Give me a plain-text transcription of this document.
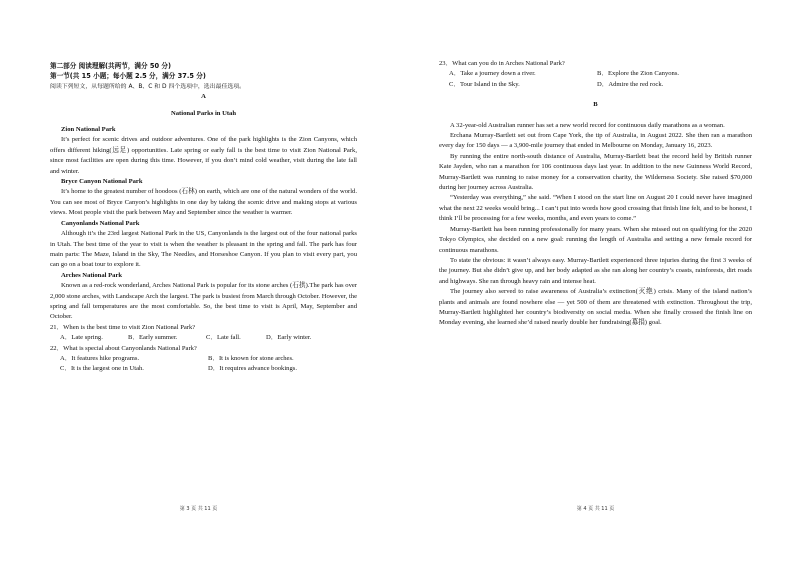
第二部分 阅读理解(共两节，满分 50 分)

第一节(共 15 小题；每小题 2.5 分，满分 37.5 分)

阅读下列短文，从每题所给的 A、B、C 和 D 四个选项中，选出最佳选项。

A

National Parks in Utah

Zion National Park

It’s perfect for scenic drives and outdoor adventures. One of the park highlights is the Zion Canyons, which offers different hiking(远足) opportunities. Late spring or early fall is the best time to visit Zion National Park, since most facilities are open during this time. However, if you don’t mind cold weather, visit during the late fall and winter.

Bryce Canyon National Park

It’s home to the greatest number of hoodoos (石林) on earth, which are one of the natural wonders of the world. You can see most of Bryce Canyon’s highlights in one day by taking the scenic drive and making stops at various views. Most people visit the park between May and September since the weather is warmer.

Canyonlands National Park

Although it’s the 23rd largest National Park in the US, Canyonlands is the largest out of the four national parks in Utah. The best time of the year to visit is when the weather is pleasant in the spring and fall. The park has four main parts: The Maze, Island in the Sky, The Needles, and Horseshoe Canyon. If you plan to visit every part, you can go on a boat tour to explore it.

Arches National Park

Known as a red-rock wonderland, Arches National Park is popular for its stone arches (石拱).The park has over 2,000 stone arches, with Landscape Arch the largest. The park is busiest from March through October. However, the spring and fall temperatures are the most comfortable. So, the best time to visit is April, May, September and October.

21．When is the best time to visit Zion National Park?

A．Late spring.	B．Early summer.	C．Late fall.	D．Early winter.

22．What is special about Canyonlands National Park?

A．It features hike programs.	B．It is known for stone arches.
C．It is the largest one in Utah.	D．It requires advance bookings.
第 3 页 共 11 页

23．What can you do in Arches National Park?

A．Take a journey down a river.	B．Explore the Zion Canyons.
C．Tour Island in the Sky.	D．Admire the red rock.

B

A 32-year-old Australian runner has set a new world record for continuous daily marathons as a woman.

Erchana Murray-Bartlett set out from Cape York, the tip of Australia, in August 2022. She then ran a marathon every day for 150 days — a 3,900-mile journey that ended in Melbourne on Monday, January 16, 2023.

By running the entire north-south distance of Australia, Murray-Bartlett beat the record held by British runner Kate Jayden, who ran a marathon for 106 continuous days last year. In addition to the new Guinness World Record, Murray-Bartlett was running to raise money for a conservation charity, the Wilderness Society. She raised $70,000 during her journey across Australia.

“Yesterday was everything,” she said. “When I stood on the start line on August 20 I could never have imagined what the next 22 weeks would bring... I can’t put into words how good crossing that finish line felt, and to be honest, I think I’ll be processing for a few weeks, months, and even years to come.”

Murray-Bartlett has been running professionally for many years. When she missed out on qualifying for the 2020 Tokyo Olympics, she decided on a new goal: running the length of Australia and setting a new female record for continuous marathons.

To state the obvious: it wasn’t always easy. Murray-Bartlett experienced three injuries during the first 3 weeks of the journey. But she didn’t give up, and her body adapted as she ran along her country’s coasts, rainforests, dirt roads and highways. She ran through heavy rain and intense heat.

The journey also served to raise awareness of Australia’s extinction(灭绝) crisis. Many of the island nation’s plants and animals are found nowhere else — yet 500 of them are threatened with extinction. Throughout the trip, Murray-Bartlett highlighted her country’s biodiversity on social media. When she finally crossed the finish line on Monday evening, she learned she’d raised nearly double her fundraising(募捐) goal.

第 4 页 共 11 页
